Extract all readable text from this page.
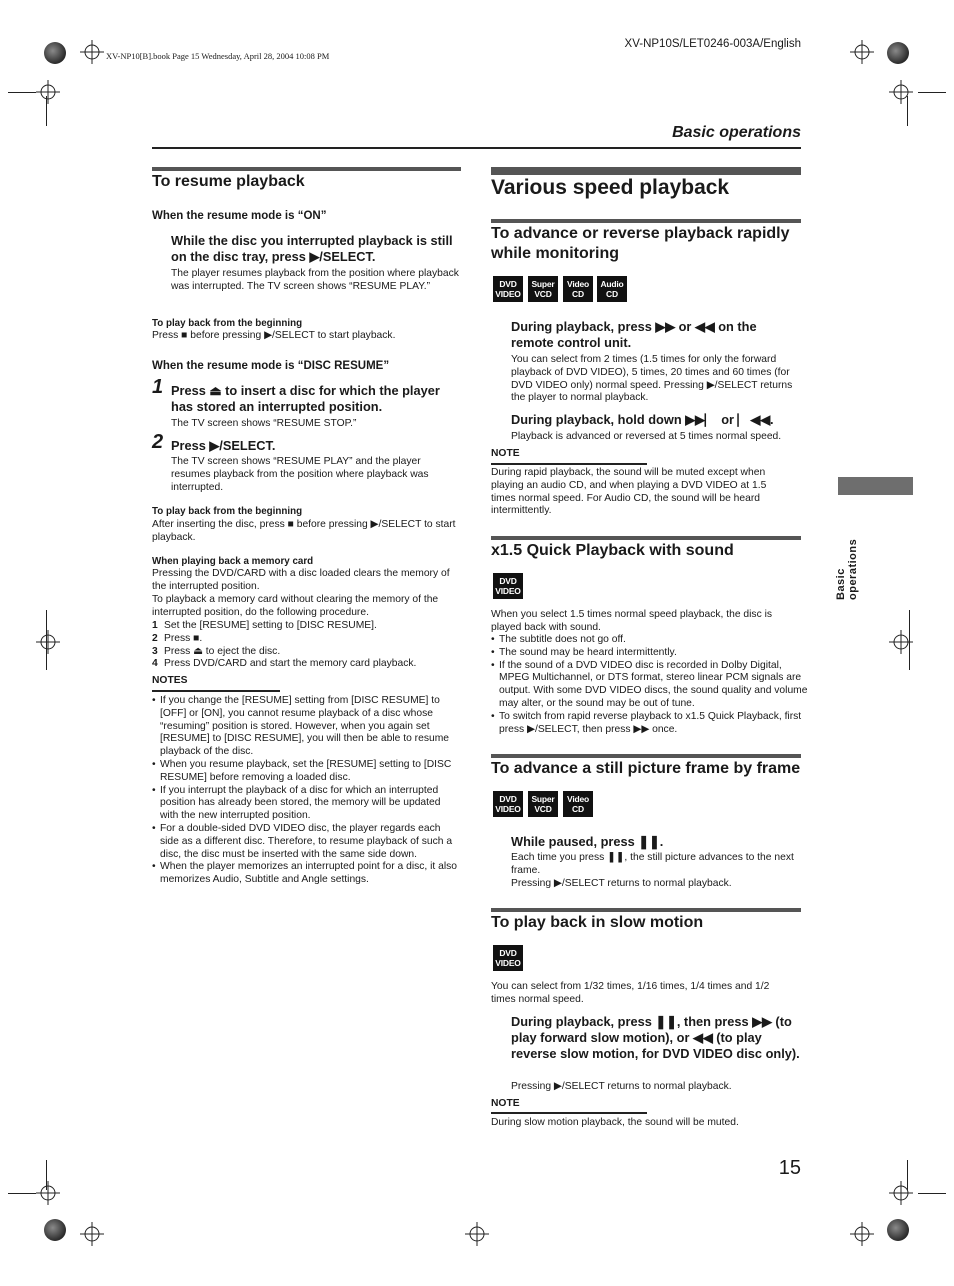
XV-NP10[B].book Page 15 Wednesday, April 28, 2004 10:08 PM
XV-NP10S/LET0246-003A/English
Basic operations
Basic operations
To resume playback
When the resume mode is “ON”
While the disc you interrupted playback is still on the disc tray, press ▶/SELECT.
The player resumes playback from the position where playback was interrupted. The TV screen shows “RESUME PLAY.”
To play back from the beginning
Press ■ before pressing ▶/SELECT to start playback.
When the resume mode is “DISC RESUME”
1 Press ⏏ to insert a disc for which the player has stored an interrupted position.
The TV screen shows “RESUME STOP.”
2 Press ▶/SELECT.
The TV screen shows “RESUME PLAY” and the player resumes playback from the position where playback was interrupted.
To play back from the beginning
After inserting the disc, press ■ before pressing ▶/SELECT to start playback.
When playing back a memory card
Pressing the DVD/CARD with a disc loaded clears the memory of the interrupted position.
To playback a memory card without clearing the memory of the interrupted position, do the following procedure.
1 Set the [RESUME] setting to [DISC RESUME].
2 Press ■.
3 Press ⏏ to eject the disc.
4 Press DVD/CARD and start the memory card playback.
NOTES
• If you change the [RESUME] setting from [DISC RESUME] to [OFF] or [ON], you cannot resume playback of a disc whose “resuming” position is stored. However, when you again set [RESUME] to [DISC RESUME], you will then be able to resume playback of the disc.
• When you resume playback, set the [RESUME] setting to [DISC RESUME] before removing a loaded disc.
• If you interrupt the playback of a disc for which an interrupted position has already been stored, the memory will be updated with the new interrupted position.
• For a double-sided DVD VIDEO disc, the player regards each side as a different disc. Therefore, to resume playback of such a disc, the disc must be inserted with the same side down.
• When the player memorizes an interrupted point for a disc, it also memorizes Audio, Subtitle and Angle settings.
Various speed playback
To advance or reverse playback rapidly while monitoring
DVD
VIDEO
Super
VCD
Video
CD
Audio
CD
During playback, press ▶▶ or ◀◀ on the remote control unit.
You can select from 2 times (1.5 times for only the forward playback of DVD VIDEO), 5 times, 20 times and 60 times (for DVD VIDEO only) normal speed. Pressing ▶/SELECT returns the player to normal playback.
During playback, hold down ▶▶⎸ or ⎸◀◀.
Playback is advanced or reversed at 5 times normal speed.
NOTE
During rapid playback, the sound will be muted except when playing an audio CD, and when playing a DVD VIDEO at 1.5 times normal speed. For Audio CD, the sound will be heard intermittently.
x1.5 Quick Playback with sound
DVD
VIDEO
When you select 1.5 times normal speed playback, the disc is played back with sound.
• The subtitle does not go off.
• The sound may be heard intermittently.
• If the sound of a DVD VIDEO disc is recorded in Dolby Digital, MPEG Multichannel, or DTS format, stereo linear PCM signals are output. With some DVD VIDEO discs, the sound quality and volume may alter, or the sound may be out of tune.
• To switch from rapid reverse playback to x1.5 Quick Playback, first press ▶/SELECT, then press ▶▶ once.
To advance a still picture frame by frame
DVD
VIDEO
Super
VCD
Video
CD
While paused, press ❚❚.
Each time you press ❚❚, the still picture advances to the next frame.
Pressing ▶/SELECT returns to normal playback.
To play back in slow motion
DVD
VIDEO
You can select from 1/32 times, 1/16 times, 1/4 times and 1/2 times normal speed.
During playback, press ❚❚, then press ▶▶ (to play forward slow motion), or ◀◀ (to play reverse slow motion, for DVD VIDEO disc only).
Pressing ▶/SELECT returns to normal playback.
NOTE
During slow motion playback, the sound will be muted.
15
